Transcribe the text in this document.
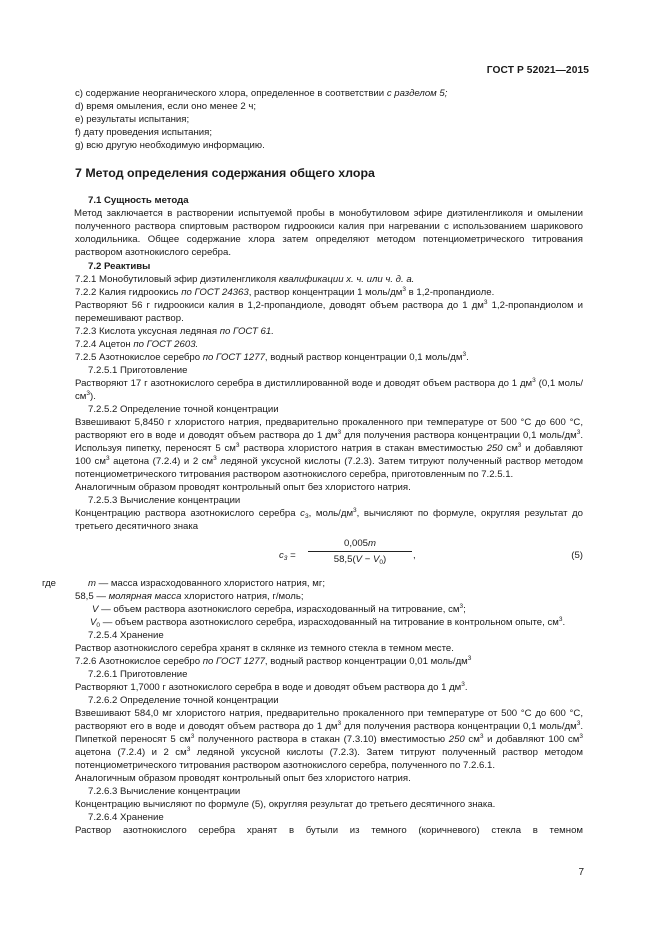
ГОСТ Р 52021—2015

с) содержание неорганического хлора, определенное в соответствии с разделом 5;

d) время омыления, если оно менее 2 ч;

е) результаты испытания;

f) дату проведения испытания;

g) всю другую необходимую информацию.

7 Метод определения содержания общего хлора
7.1 Сущность метода

Метод заключается в растворении испытуемой пробы в монобутиловом эфире диэтиленгликоля и омылении полученного раствора спиртовым раствором гидроокиси калия при нагревании с использованием шарикового холодильника. Общее содержание хлора затем определяют методом потенциометрического титрования раствором азотнокислого серебра.

7.2 Реактивы

7.2.1 Монобутиловый эфир диэтиленгликоля квалификации х. ч. или ч. д. а.

7.2.2 Калия гидроокись по ГОСТ 24363, раствор концентрации 1 моль/$дм^3$ в 1,2-пропандиоле.

Растворяют 56 г гидроокиси калия в 1,2-пропандиоле, доводят объем раствора до 1 $дм^3$ 1,2-пропандиолом и перемешивают раствор.

7.2.3 Кислота уксусная ледяная по ГОСТ 61.

7.2.4 Ацетон по ГОСТ 2603.

7.2.5 Азотнокислое серебро по ГОСТ 1277, водный раствор концентрации 0,1 моль/$дм^3$.

7.2.5.1 Приготовление

Растворяют 17 г азотнокислого серебра в дистиллированной воде и доводят объем раствора до 1 $дм^3$ (0,1 моль/$см^3$).

7.2.5.2 Определение точной концентрации

Взвешивают 5,8450 г хлористого натрия, предварительно прокаленного при температуре от 500 °С до 600 °С, растворяют его в воде и доводят объем раствора до 1 $дм^3$ для получения раствора концентрации 0,1 моль/$дм^3$. Используя пипетку, переносят 5 $см^3$ раствора хлористого натрия в стакан вместимостью 250 $см^3$ и добавляют 100 $см^3$ ацетона (7.2.4) и 2 $см^3$ ледяной уксусной кислоты (7.2.3). Затем титруют полученный раствор методом потенциометрического титрования раствором азотнокислого серебра, приготовленным по 7.2.5.1.

Аналогичным образом проводят контрольный опыт без хлористого натрия.

7.2.5.3 Вычисление концентрации

Концентрацию раствора азотнокислого серебра $с_3$, моль/$дм^3$, вычисляют по формуле, округляя результат до третьего десятичного знака

$c_3 = \frac{0,005m}{58,5(V - V_0)}$ ,	(5)

где	m — масса израсходованного хлористого натрия, мг;

58,5 — молярная масса хлористого натрия, г/моль;

V — объем раствора азотнокислого серебра, израсходованный на титрование, $см^3$;

$V_0$ — объем раствора азотнокислого серебра, израсходованный на титрование в контрольном опыте, $см^3$.

7.2.5.4 Хранение

Раствор азотнокислого серебра хранят в склянке из темного стекла в темном месте.

7.2.6 Азотнокислое серебро по ГОСТ 1277, водный раствор концентрации 0,01 моль/$дм^3$

7.2.6.1 Приготовление

Растворяют 1,7000 г азотнокислого серебра в воде и доводят объем раствора до 1 $дм^3$.

7.2.6.2 Определение точной концентрации

Взвешивают 584,0 мг хлористого натрия, предварительно прокаленного при температуре от 500 °С до 600 °С, растворяют его в воде и доводят объем раствора до 1 $дм^3$ для получения раствора концентрации 0,1 моль/$дм^3$. Пипеткой переносят 5 $см^3$ полученного раствора в стакан (7.3.10) вместимостью 250 $см^3$ и добавляют 100 $см^3$ ацетона (7.2.4) и 2 $см^3$ ледяной уксусной кислоты (7.2.3). Затем титруют полученный раствор методом потенциометрического титрования раствором азотнокислого серебра, полученного по 7.2.6.1.

Аналогичным образом проводят контрольный опыт без хлористого натрия.

7.2.6.3 Вычисление концентрации

Концентрацию вычисляют по формуле (5), округляя результат до третьего десятичного знака.

7.2.6.4 Хранение

Раствор азотнокислого серебра хранят в бутыли из темного (коричневого) стекла в темном

7
